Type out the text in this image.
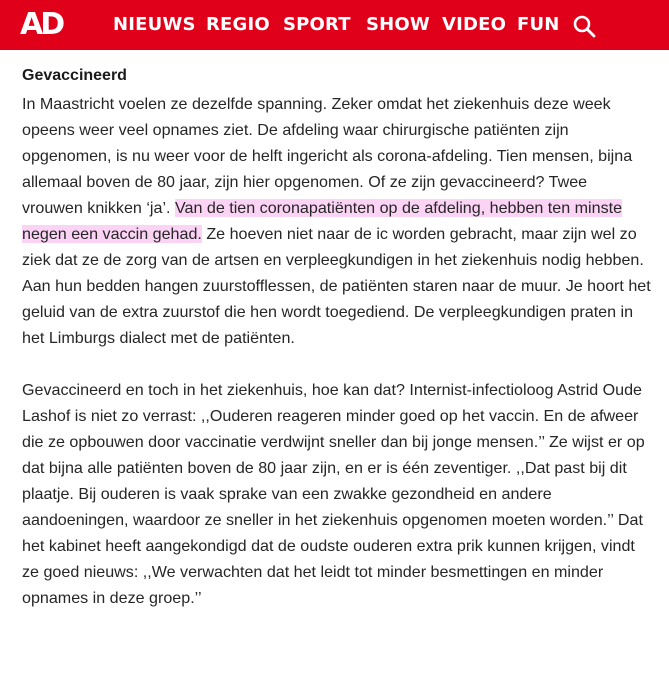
AD	NIEUWS REGIO SPORT SHOW VIDEO FUN
Gevaccineerd

In Maastricht voelen ze dezelfde spanning. Zeker omdat het ziekenhuis deze week opeens weer veel opnames ziet. De afdeling waar chirurgische patiënten zijn opgenomen, is nu weer voor de helft ingericht als corona-afdeling. Tien mensen, bijna allemaal boven de 80 jaar, zijn hier opgenomen. Of ze zijn gevaccineerd? Twee vrouwen knikken ‘ja’. Van de tien coronapatiënten op de afdeling, hebben ten minste negen een vaccin gehad. Ze hoeven niet naar de ic worden gebracht, maar zijn wel zo ziek dat ze de zorg van de artsen en verpleegkundigen in het ziekenhuis nodig hebben. Aan hun bedden hangen zuurstofflessen, de patiënten staren naar de muur. Je hoort het geluid van de extra zuurstof die hen wordt toegediend. De verpleegkundigen praten in het Limburgs dialect met de patiënten.

Gevaccineerd en toch in het ziekenhuis, hoe kan dat? Internist-infectioloog Astrid Oude Lashof is niet zo verrast: ,,Ouderen reageren minder goed op het vaccin. En de afweer die ze opbouwen door vaccinatie verdwijnt sneller dan bij jonge mensen.’’ Ze wijst er op dat bijna alle patiënten boven de 80 jaar zijn, en er is één zeventiger. ,,Dat past bij dit plaatje. Bij ouderen is vaak sprake van een zwakke gezondheid en andere aandoeningen, waardoor ze sneller in het ziekenhuis opgenomen moeten worden.’’ Dat het kabinet heeft aangekondigd dat de oudste ouderen extra prik kunnen krijgen, vindt ze goed nieuws: ,,We verwachten dat het leidt tot minder besmettingen en minder opnames in deze groep.’’
